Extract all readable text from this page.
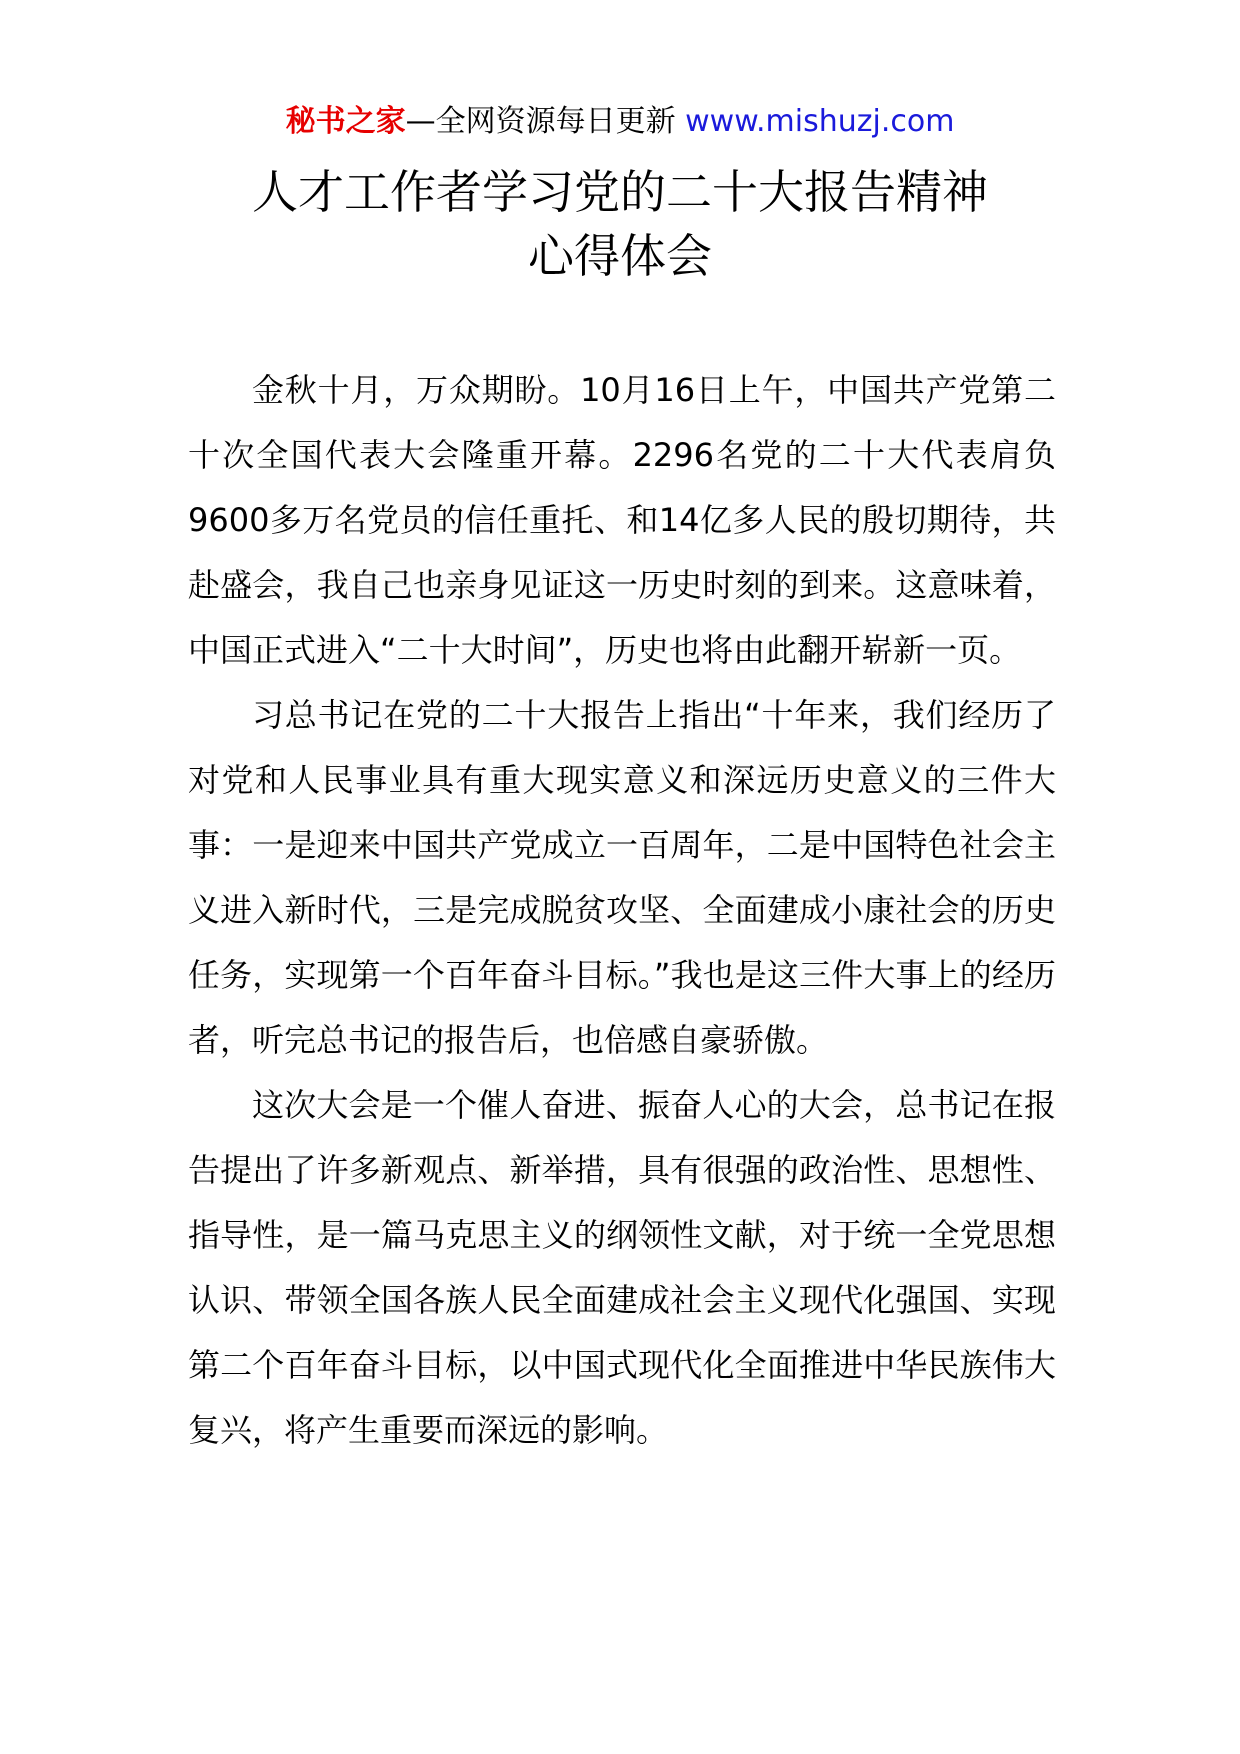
秘书之家—全网资源每日更新 www.mishuzj.com
人才工作者学习党的二十大报告精神
心得体会

金秋十月，万众期盼。10月16日上午，中国共产党第二十次全国代表大会隆重开幕。2296名党的二十大代表肩负9600多万名党员的信任重托、和14亿多人民的殷切期待，共赴盛会，我自己也亲身见证这一历史时刻的到来。这意味着，中国正式进入“二十大时间”，历史也将由此翻开崭新一页。

习总书记在党的二十大报告上指出“十年来，我们经历了对党和人民事业具有重大现实意义和深远历史意义的三件大事：一是迎来中国共产党成立一百周年，二是中国特色社会主义进入新时代，三是完成脱贫攻坚、全面建成小康社会的历史任务，实现第一个百年奋斗目标。”我也是这三件大事上的经历者，听完总书记的报告后，也倍感自豪骄傲。

这次大会是一个催人奋进、振奋人心的大会，总书记在报告提出了许多新观点、新举措，具有很强的政治性、思想性、指导性，是一篇马克思主义的纲领性文献，对于统一全党思想认识、带领全国各族人民全面建成社会主义现代化强国、实现第二个百年奋斗目标，以中国式现代化全面推进中华民族伟大复兴，将产生重要而深远的影响。
